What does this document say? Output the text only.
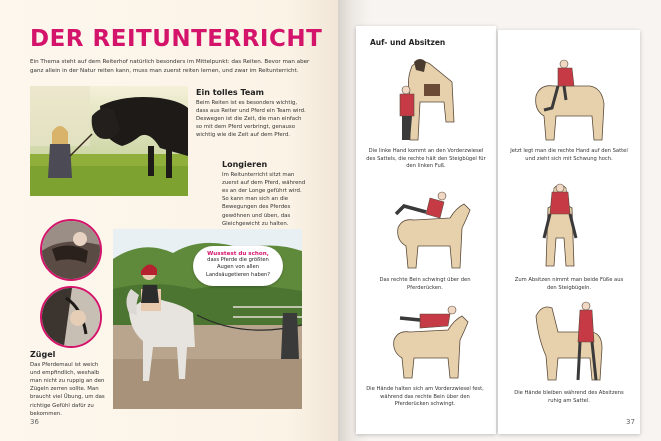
DER REITUNTERRICHT
Ein Thema steht auf dem Reiterhof natürlich besonders im Mittelpunkt: das Reiten. Bevor man aber ganz allein in der Natur reiten kann, muss man zuerst reiten lernen, und zwar im Reitunterricht.
Ein tolles Team
Beim Reiten ist es besonders wichtig, dass aus Reiter und Pferd ein Team wird. Deswegen ist die Zeit, die man einfach so mit dem Pferd verbringt, genauso wichtig wie die Zeit auf dem Pferd.
Longieren
Im Reitunterricht sitzt man zuerst auf dem Pferd, während es an der Longe geführt wird. So kann man sich an die Bewegungen des Pferdes gewöhnen und üben, das Gleichgewicht zu halten.
Wusstest du schon,
dass Pferde die größten Augen von allen Landsäugetieren haben?
Zügel
Das Pferdemaul ist weich und empfindlich, weshalb man nicht zu ruppig an den Zügeln zerren sollte. Man braucht viel Übung, um das richtige Gefühl dafür zu bekommen.
36
Auf- und Absitzen
Die linke Hand kommt an den Vorderzwiesel des Sattels, die rechte hält den Steigbügel für den linken Fuß.
Jetzt legt man die rechte Hand auf den Sattel und zieht sich mit Schwung hoch.
Das rechte Bein schwingt über den Pferderücken.
Zum Absitzen nimmt man beide Füße aus den Steigbügeln.
Die Hände halten sich am Vorderzwiesel fest, während das rechte Bein über den Pferderücken schwingt.
Die Hände bleiben während des Absitzens ruhig am Sattel.
37
